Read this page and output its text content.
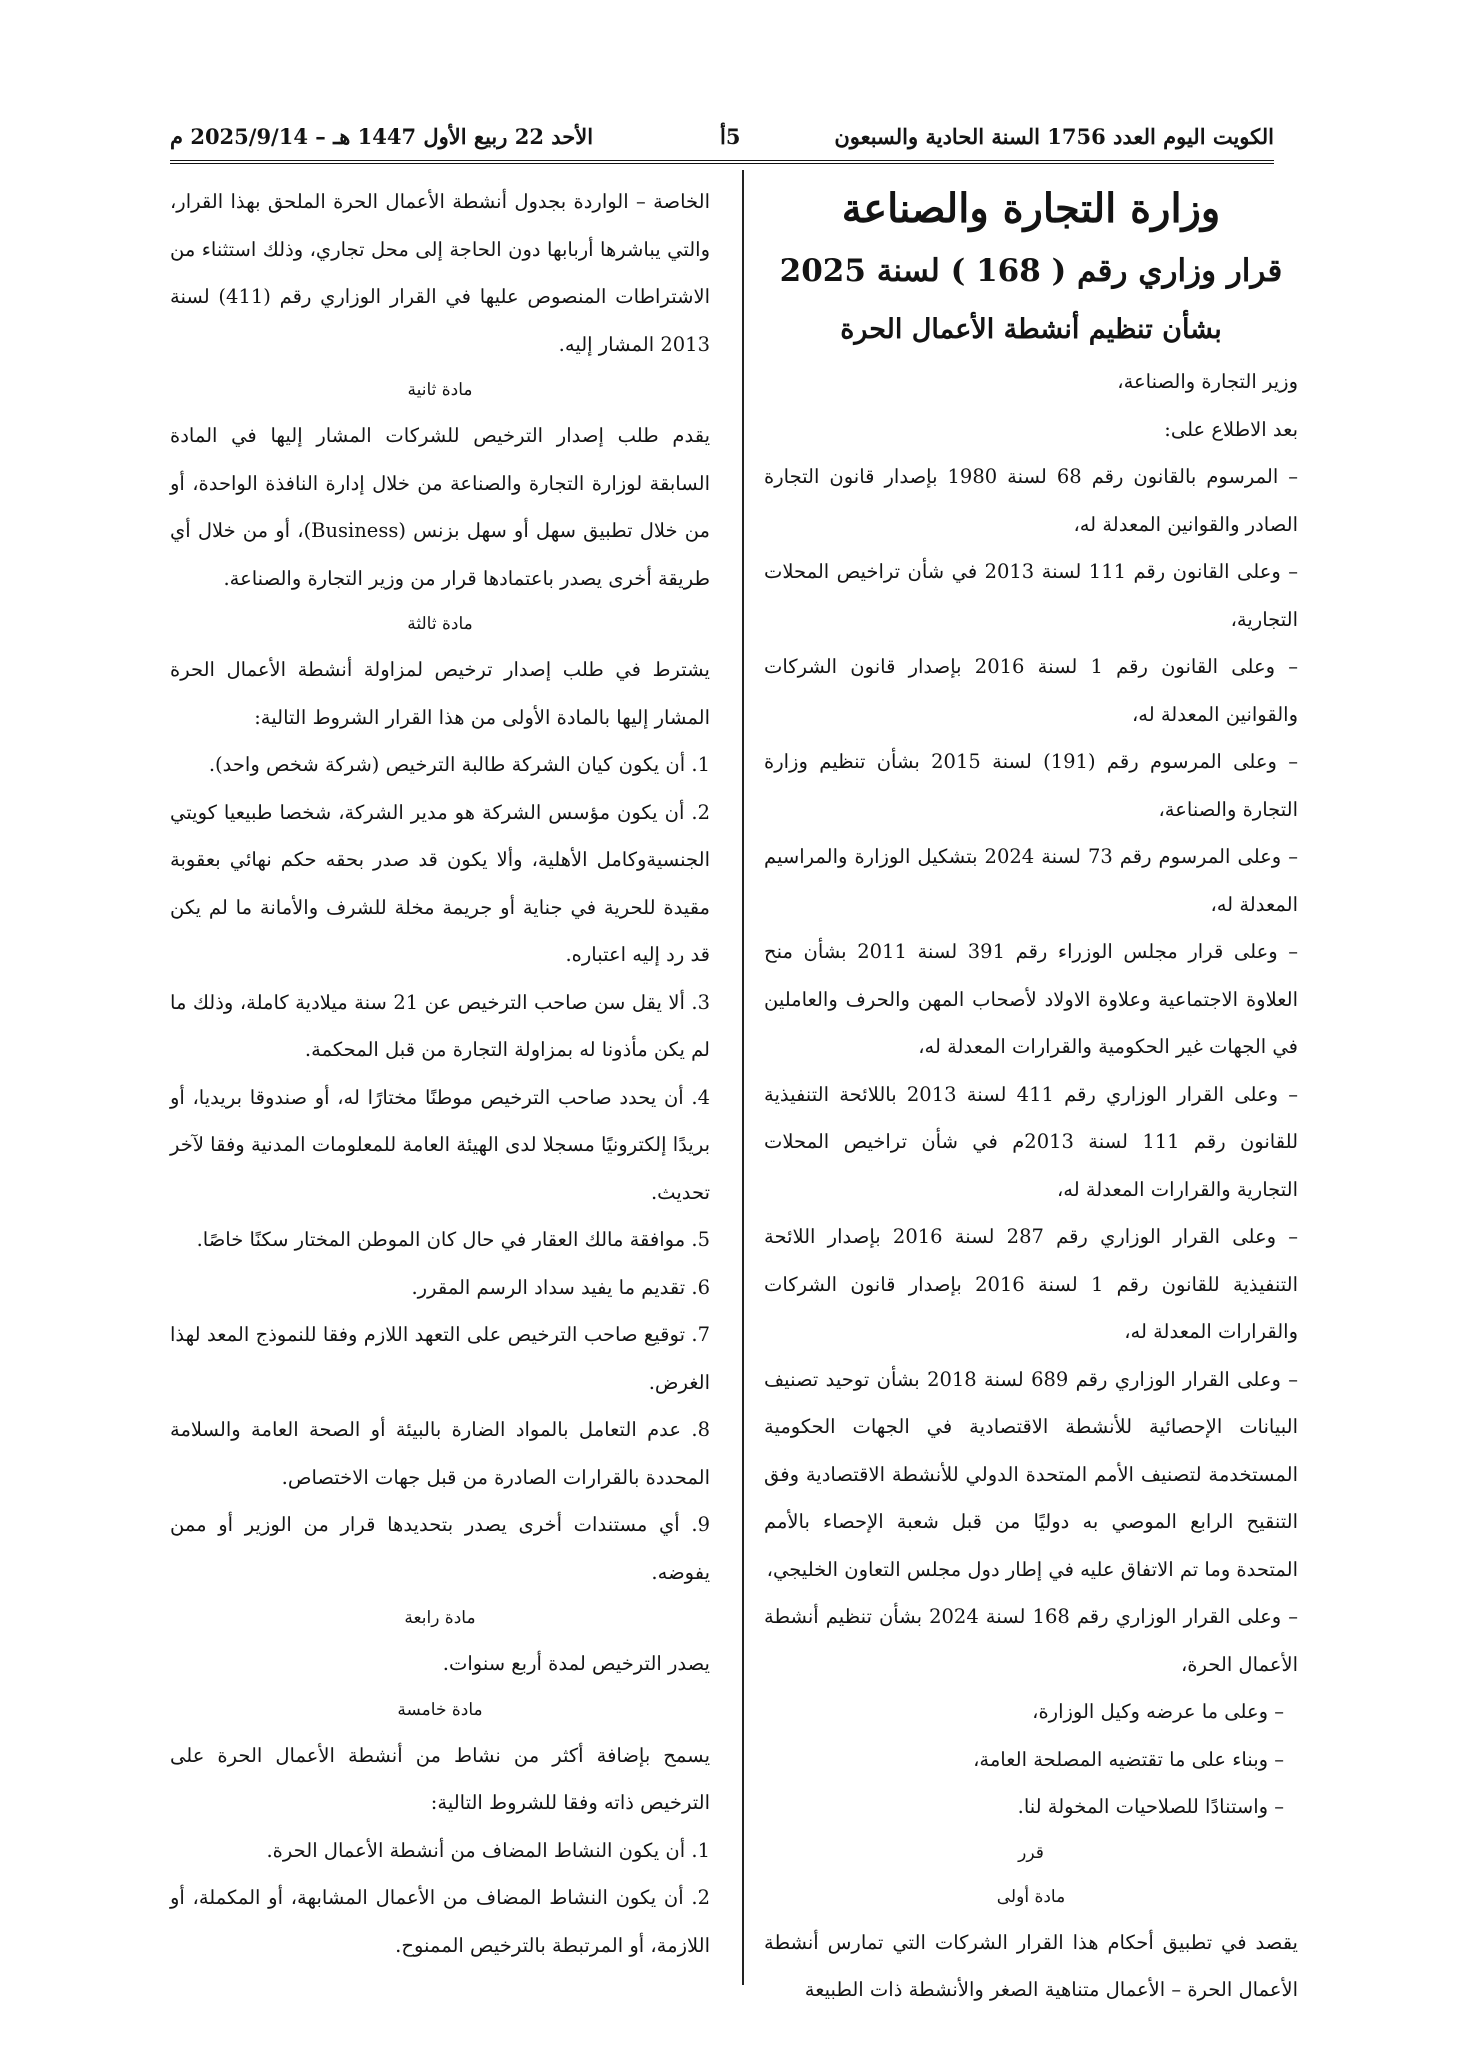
الكويت اليوم العدد 1756 السنة الحادية والسبعون
5أ
الأحد 22 ربيع الأول 1447 هـ – 2025/9/14 م

وزارة التجارة والصناعة

قرار وزاري رقم ( 168 ) لسنة 2025

بشأن تنظيم أنشطة الأعمال الحرة

وزير التجارة والصناعة،

بعد الاطلاع على:

– المرسوم بالقانون رقم 68 لسنة 1980 بإصدار قانون التجارة الصادر والقوانين المعدلة له،

– وعلى القانون رقم 111 لسنة 2013 في شأن تراخيص المحلات التجارية،

– وعلى القانون رقم 1 لسنة 2016 بإصدار قانون الشركات والقوانين المعدلة له،

– وعلى المرسوم رقم (191) لسنة 2015 بشأن تنظيم وزارة التجارة والصناعة،

– وعلى المرسوم رقم 73 لسنة 2024 بتشكيل الوزارة والمراسيم المعدلة له،

– وعلى قرار مجلس الوزراء رقم 391 لسنة 2011 بشأن منح العلاوة الاجتماعية وعلاوة الاولاد لأصحاب المهن والحرف والعاملين في الجهات غير الحكومية والقرارات المعدلة له،

– وعلى القرار الوزاري رقم 411 لسنة 2013 باللائحة التنفيذية للقانون رقم 111 لسنة 2013م في شأن تراخيص المحلات التجارية والقرارات المعدلة له،

– وعلى القرار الوزاري رقم 287 لسنة 2016 بإصدار اللائحة التنفيذية للقانون رقم 1 لسنة 2016 بإصدار قانون الشركات والقرارات المعدلة له،

– وعلى القرار الوزاري رقم 689 لسنة 2018 بشأن توحيد تصنيف البيانات الإحصائية للأنشطة الاقتصادية في الجهات الحكومية المستخدمة لتصنيف الأمم المتحدة الدولي للأنشطة الاقتصادية وفق التنقيح الرابع الموصي به دوليًا من قبل شعبة الإحصاء بالأمم المتحدة وما تم الاتفاق عليه في إطار دول مجلس التعاون الخليجي،

– وعلى القرار الوزاري رقم 168 لسنة 2024 بشأن تنظيم أنشطة الأعمال الحرة،

– وعلى ما عرضه وكيل الوزارة،

– وبناء على ما تقتضيه المصلحة العامة،

– واستنادًا للصلاحيات المخولة لنا.

قرر

مادة أولى

يقصد في تطبيق أحكام هذا القرار الشركات التي تمارس أنشطة الأعمال الحرة – الأعمال متناهية الصغر والأنشطة ذات الطبيعة

الخاصة – الواردة بجدول أنشطة الأعمال الحرة الملحق بهذا القرار، والتي يباشرها أربابها دون الحاجة إلى محل تجاري، وذلك استثناء من الاشتراطات المنصوص عليها في القرار الوزاري رقم (411) لسنة 2013 المشار إليه.

مادة ثانية

يقدم طلب إصدار الترخيص للشركات المشار إليها في المادة السابقة لوزارة التجارة والصناعة من خلال إدارة النافذة الواحدة، أو من خلال تطبيق سهل أو سهل بزنس (Business)، أو من خلال أي طريقة أخرى يصدر باعتمادها قرار من وزير التجارة والصناعة.

مادة ثالثة

يشترط في طلب إصدار ترخيص لمزاولة أنشطة الأعمال الحرة المشار إليها بالمادة الأولى من هذا القرار الشروط التالية:

1. أن يكون كيان الشركة طالبة الترخيص (شركة شخص واحد).

2. أن يكون مؤسس الشركة هو مدير الشركة، شخصا طبيعيا كويتي الجنسيةوكامل الأهلية، وألا يكون قد صدر بحقه حكم نهائي بعقوبة مقيدة للحرية في جناية أو جريمة مخلة للشرف والأمانة ما لم يكن قد رد إليه اعتباره.

3. ألا يقل سن صاحب الترخيص عن 21 سنة ميلادية كاملة، وذلك ما لم يكن مأذونا له بمزاولة التجارة من قبل المحكمة.

4. أن يحدد صاحب الترخيص موطنًا مختارًا له، أو صندوقا بريديا، أو بريدًا إلكترونيًا مسجلا لدى الهيئة العامة للمعلومات المدنية وفقا لآخر تحديث.

5. موافقة مالك العقار في حال كان الموطن المختار سكنًا خاصًا.

6. تقديم ما يفيد سداد الرسم المقرر.

7. توقيع صاحب الترخيص على التعهد اللازم وفقا للنموذج المعد لهذا الغرض.

8. عدم التعامل بالمواد الضارة بالبيئة أو الصحة العامة والسلامة المحددة بالقرارات الصادرة من قبل جهات الاختصاص.

9. أي مستندات أخرى يصدر بتحديدها قرار من الوزير أو ممن يفوضه.

مادة رابعة

يصدر الترخيص لمدة أربع سنوات.

مادة خامسة

يسمح بإضافة أكثر من نشاط من أنشطة الأعمال الحرة على الترخيص ذاته وفقا للشروط التالية:

1. أن يكون النشاط المضاف من أنشطة الأعمال الحرة.

2. أن يكون النشاط المضاف من الأعمال المشابهة، أو المكملة، أو اللازمة، أو المرتبطة بالترخيص الممنوح.
